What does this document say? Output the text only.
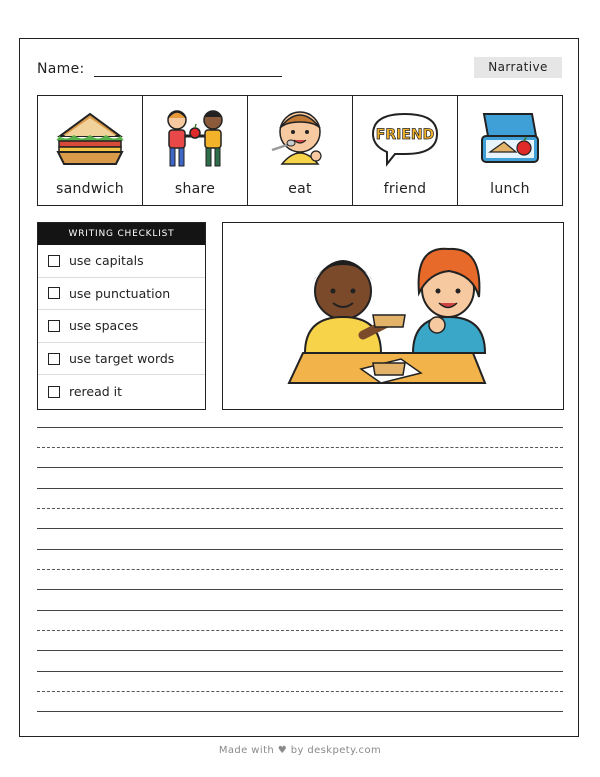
Name:	Narrative
sandwich	share	eat
FRIEND
friend	lunch
WRITING CHECKLIST
use capitals
use punctuation
use spaces
use target words
reread it
Made with ♥ by deskpety.com
